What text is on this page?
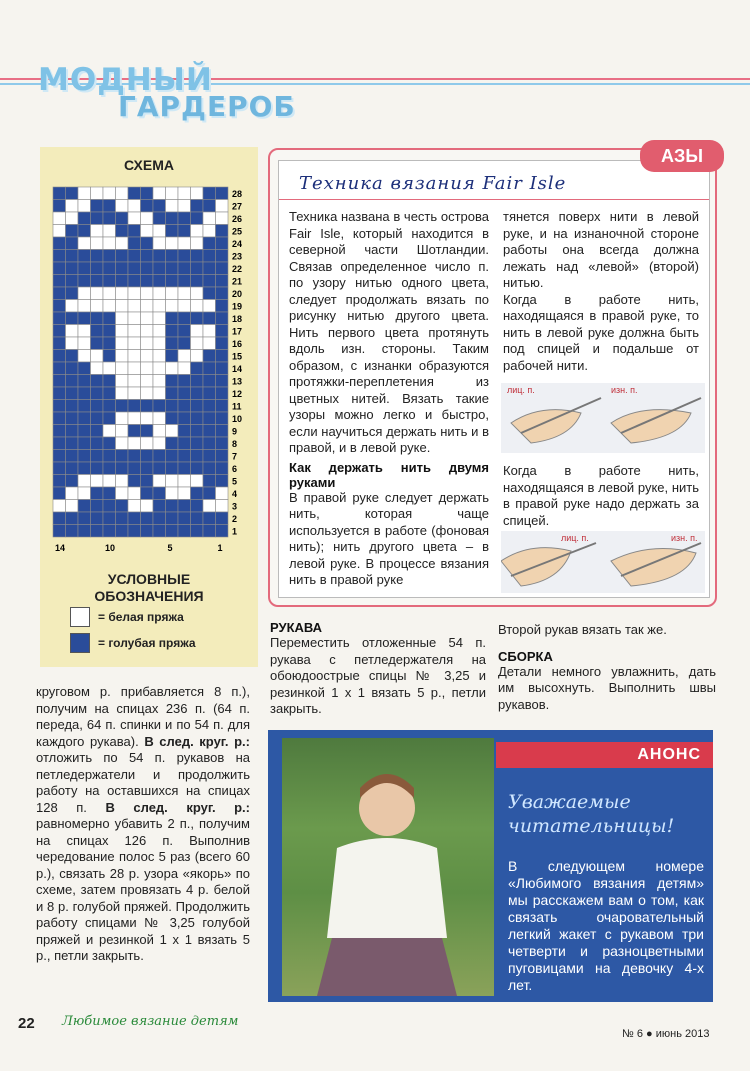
МОДНЫЙ
ГАРДЕРОБ
СХЕМА
28
27
26
25
24
23
22
21
20
19
18
17
16
15
14
13
12
11
10
9
8
7
6
5
4
3
2
1
14	10	5	1
УСЛОВНЫЕ
ОБОЗНАЧЕНИЯ
= белая пряжа
= голубая пряжа
Техника вязания Fair Isle
Техника названа в честь острова Fair Isle, который находится в северной части Шотландии. Связав определенное число п. по узору нитью одного цвета, следует продолжать вязать по рисунку нитью другого цвета. Нить первого цвета протянуть вдоль изн. стороны. Таким образом, с изнанки образуются протяжки-переплетения из цветных нитей. Вязать такие узоры можно легко и быстро, если научиться держать нить и в правой, и в левой руке.
Как держать нить двумя руками
В правой руке следует держать нить, которая чаще используется в работе (фоновая нить); нить другого цвета – в левой руке. В процессе вязания нить в правой руке
тянется поверх нити в левой руке, и на изнаночной стороне работы она всегда должна лежать над «левой» (второй) нитью.
Когда в работе нить, находящаяся в правой руке, то нить в левой руке должна быть под спицей и подальше от рабочей нити.
лиц. п.	изн. п.
Когда в работе нить, находящаяся в левой руке, нить в правой руке надо держать за спицей.
лиц. п.	изн. п.
АЗЫ
круговом р. прибавляется 8 п.), получим на спицах 236 п. (64 п. переда, 64 п. спинки и по 54 п. для каждого рукава). В след. круг. р.: отложить по 54 п. рукавов на петледержатели и продолжить работу на оставшихся на спицах 128 п. В след. круг. р.: равномерно убавить 2 п., получим на спицах 126 п. Выполнив чередование полос 5 раз (всего 60 р.), связать 28 р. узора «якорь» по схеме, затем провязать 4 р. белой и 8 р. голубой пряжей. Продолжить работу спицами № 3,25 голубой пряжей и резинкой 1 х 1 вязать 5 р., петли закрыть.
РУКАВА
Переместить отложенные 54 п. рукава с петледержателя на обоюдоострые спицы № 3,25 и резинкой 1 х 1 вязать 5 р., петли закрыть.
Второй рукав вязать так же.
СБОРКА
Детали немного увлажнить, дать им высохнуть. Выполнить швы рукавов.
АНОНС
Уважаемые читательницы!
В следующем номере «Любимого вязания детям» мы расскажем вам о том, как связать очаровательный легкий жакет с рукавом три четверти и разноцветными пуговицами на девочку 4-х лет.
22 Любимое вязание детям
№ 6 ● июнь 2013
